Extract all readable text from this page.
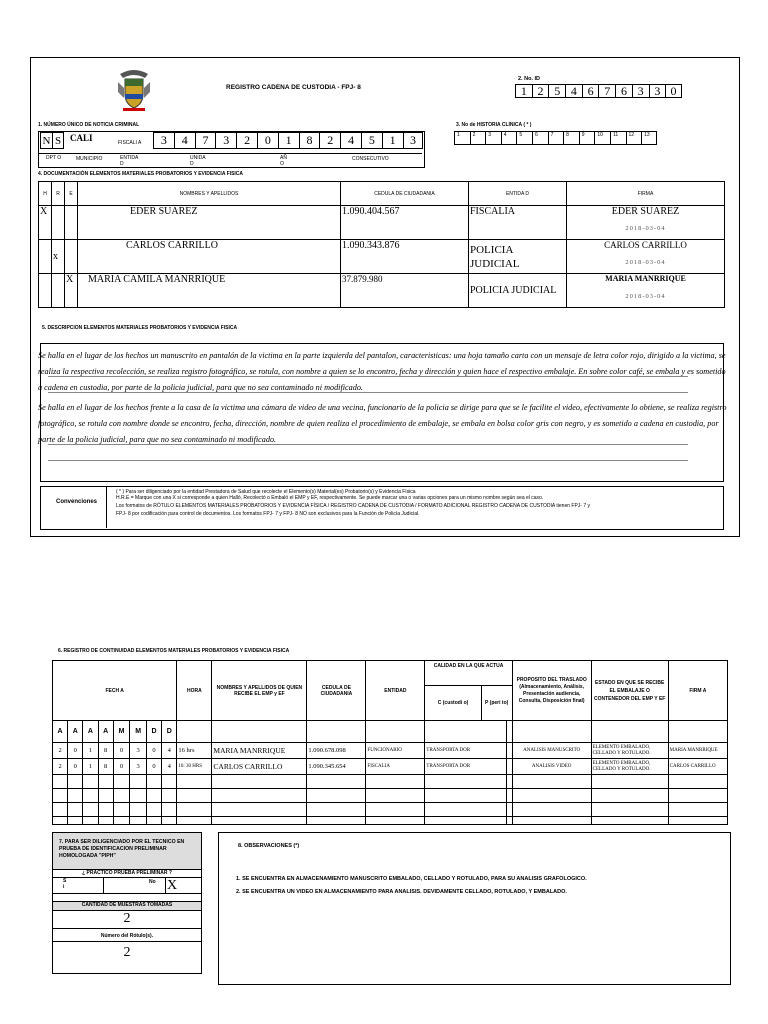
REGISTRO CADENA DE CUSTODIA - FPJ- 8
2. No. ID
1 2 5 4 6 7 6 3 3 0
1. NÚMERO ÚNICO DE NOTICIA CRIMINAL
N S CALI	FISCALI A	3	4	7	3	2	0	1	8	2	4	5	1	3
DPT O	MUNICIPIO	ENTIDA D
UNIDA D
AÑ O
CONSECUTIVO
3. No de HISTORIA CLINICA ( * )
1	2	3	4	5	6	7	8	9	10	11	12	13
4. DOCUMENTACIÓN ELEMENTOS MATERIALES PROBATORIOS Y EVIDENCIA FISICA
H	R	E	NOMBRES Y APELLIDOS	CEDULA DE CIUDADANIA	ENTIDA D	FIRMA
X			EDER SUAREZ	1.090.404.567	FISCALIA	EDER SUAREZ
2018-03-04

	x		CARLOS CARRILLO	1.090.343.876	POLICIA JUDICIAL	CARLOS CARRILLO
2018-03-04

		X	MARIA CAMILA MANRRIQUE	37.879.980	POLICIA JUDICIAL	MARIA MANRRIQUE
2018-03-04
5. DESCRIPCION ELEMENTOS MATERIALES PROBATORIOS Y EVIDENCIA FISICA
Se halla en el lugar de los hechos un manuscrito en pantalón de la victima en la parte izquierda del pantalon, caracteristicas: una hoja tamaño carta con un mensaje de letra color rojo, dirigido a la victima, se realiza la respectiva recolección, se realiza registro fotográfico, se rotula, con nombre a quien se lo encontro, fecha y dirección y quien hace el respectivo embalaje. En sobre color café, se embala y es sometido a cadena en custodia, por parte de la policia judicial, para que no sea contaminado ni modificado.
Se halla en el lugar de los hechos frente a la casa de la victima una cámara de video de una vecina, funcionario de la policia se dirige para que se le facilite el video, efectivamente lo obtiene, se realiza registro fotográfico, se rotula con nombre donde se encontro, fecha, dirección, nombre de quien realiza el procedimiento de embalaje, se embala en bolsa color gris con negro, y es sometido a cadena en custodia, por parte de la policia judicial, para que no sea contaminado ni modificado.
Convenciones
( * ) Para ser diligenciado por la entidad Prestadora de Salud que recolecte el Elemento(s) Material(es) Probatorio(s) y Evidencia Física
H.R.E = Marque con una X si corresponde a quien Halló, Recolectó o Embaló el EMP y EF, respectivamente. Se puede marcar una o varias opciones para un mismo nombre según sea el caso.
Los formatos de RÓTULO ELEMENTOS MATERIALES PROBATORIOS Y EVIDENCIA FÍSICA / REGISTRO CADENA DE CUSTODIA / FORMATO ADICIONAL REGISTRO CADENA DE CUSTODIA tienen FPJ- 7 y
FPJ- 8 por codificación para control de documentos. Los formatos FPJ- 7 y FPJ- 8 NO son exclusivos para la Función de Policía Judicial.
6. REGISTRO DE CONTINUIDAD ELEMENTOS MATERIALES PROBATORIOS Y EVIDENCIA FISICA
FECH A								HORA	NOMBRES Y APELLIDOS DE QUIEN RECIBE EL EMP y EF	CEDULA DE CIUDADANIA	ENTIDAD	CALIDAD EN LA QUE ACTUA
C (custodi o) P (peri to)		PROPOSITO DEL TRASLADO (Almacenamiento, Análisis, Presentación audiencia, Consulta, Disposición final)	ESTADO EN QUE SE RECIBE EL EMBALAJE O CONTENEDOR DEL EMP Y EF	FIRM A
A	A	A	A	M	M	D	D									
2	0	1	8	0	3	0	4	16 hrs	MARIA MANRRIQUE	1.090.678.098	FUNCIONARIO	TRANSPORTA DOR		ANALISIS MANUSCRITO	ELEMENTO EMBALADO, CELLADO Y ROTULADO.	MARIA MANRRIQUE
2	0	1	8	0	3	0	4	16: 30 HRS	CARLOS CARRILLO	1.090.345.654	FISCALIA	TRANSPORTA DOR		ANALISIS VIDEO	ELEMENTO EMBALADO, CELLADO Y ROTULADO.	CARLOS CARRILLO

7. PARA SER DILIGENCIADO POR EL TECNICO EN PRUEBA DE IDENTIFICACION PRELIMINAR HOMOLOGADA "PIPH"
¿ PRACTICÓ PRUEBA PRELIMINAR ?
S i
No X
CANTIDAD DE MUESTRAS TOMADAS
2
Número del Rótulo(s).
2
8. OBSERVACIONES (*)
1. SE ENCUENTRA EN ALMACENAMIENTO MANUSCRITO EMBALADO, CELLADO Y ROTULADO, PARA SU ANALISIS GRAFOLOGICO.
2. SE ENCUENTRA UN VIDEO EN ALMACENAMIENTO PARA ANALISIS. DEVIDAMENTE CELLADO, ROTULADO, Y EMBALADO.
